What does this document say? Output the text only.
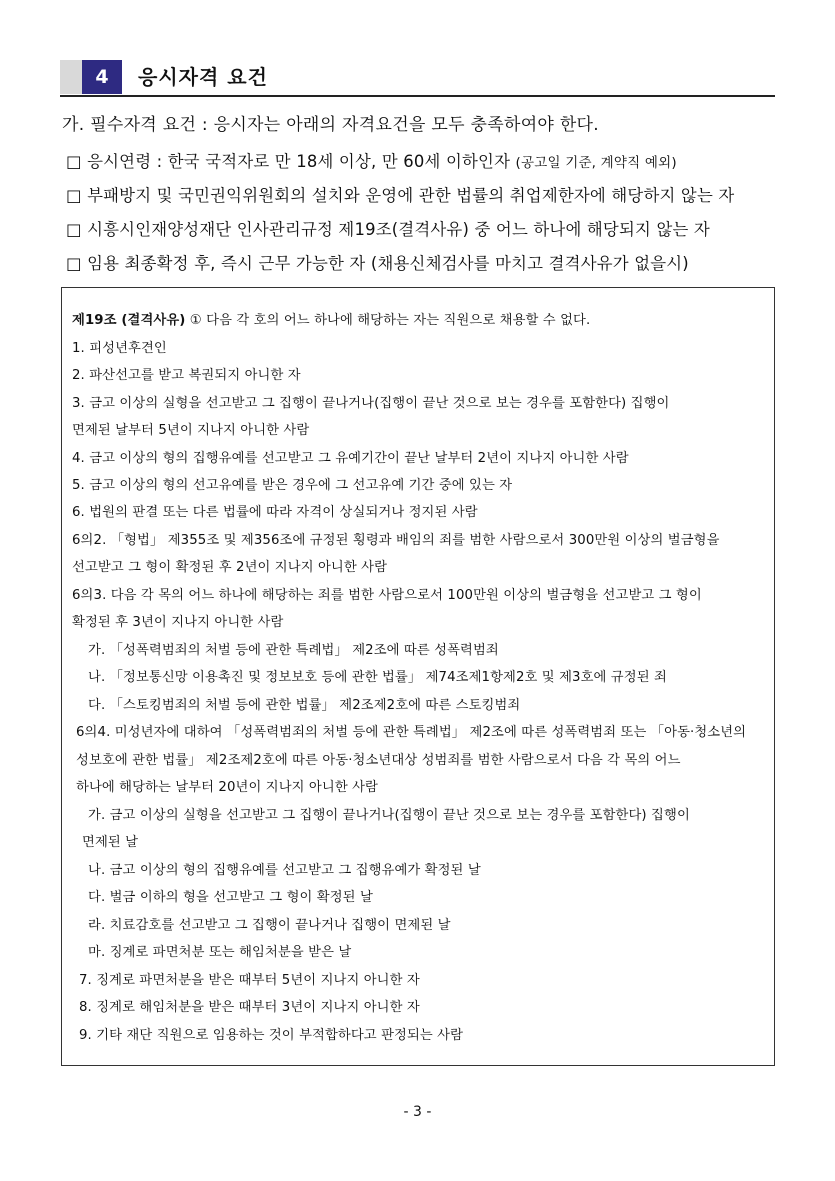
4	응시자격 요건
가. 필수자격 요건 : 응시자는 아래의 자격요건을 모두 충족하여야 한다.
□ 응시연령 : 한국 국적자로 만 18세 이상, 만 60세 이하인자 (공고일 기준, 계약직 예외)
□ 부패방지 및 국민권익위원회의 설치와 운영에 관한 법률의 취업제한자에 해당하지 않는 자
□ 시흥시인재양성재단 인사관리규정 제19조(결격사유) 중 어느 하나에 해당되지 않는 자
□ 임용 최종확정 후, 즉시 근무 가능한 자 (채용신체검사를 마치고 결격사유가 없을시)
제19조 (결격사유) ① 다음 각 호의 어느 하나에 해당하는 자는 직원으로 채용할 수 없다.
1. 피성년후견인
2. 파산선고를 받고 복권되지 아니한 자
3. 금고 이상의 실형을 선고받고 그 집행이 끝나거나(집행이 끝난 것으로 보는 경우를 포함한다) 집행이
면제된 날부터 5년이 지나지 아니한 사람
4. 금고 이상의 형의 집행유예를 선고받고 그 유예기간이 끝난 날부터 2년이 지나지 아니한 사람
5. 금고 이상의 형의 선고유예를 받은 경우에 그 선고유예 기간 중에 있는 자
6. 법원의 판결 또는 다른 법률에 따라 자격이 상실되거나 정지된 사람
6의2. 「형법」 제355조 및 제356조에 규정된 횡령과 배임의 죄를 범한 사람으로서 300만원 이상의 벌금형을
선고받고 그 형이 확정된 후 2년이 지나지 아니한 사람
6의3. 다음 각 목의 어느 하나에 해당하는 죄를 범한 사람으로서 100만원 이상의 벌금형을 선고받고 그 형이
확정된 후 3년이 지나지 아니한 사람
가. 「성폭력범죄의 처벌 등에 관한 특례법」 제2조에 따른 성폭력범죄
나. 「정보통신망 이용촉진 및 정보보호 등에 관한 법률」 제74조제1항제2호 및 제3호에 규정된 죄
다. 「스토킹범죄의 처벌 등에 관한 법률」 제2조제2호에 따른 스토킹범죄
6의4. 미성년자에 대하여 「성폭력범죄의 처벌 등에 관한 특례법」 제2조에 따른 성폭력범죄 또는 「아동·청소년의
성보호에 관한 법률」 제2조제2호에 따른 아동·청소년대상 성범죄를 범한 사람으로서 다음 각 목의 어느
하나에 해당하는 날부터 20년이 지나지 아니한 사람
가. 금고 이상의 실형을 선고받고 그 집행이 끝나거나(집행이 끝난 것으로 보는 경우를 포함한다) 집행이
면제된 날
나. 금고 이상의 형의 집행유예를 선고받고 그 집행유예가 확정된 날
다. 벌금 이하의 형을 선고받고 그 형이 확정된 날
라. 치료감호를 선고받고 그 집행이 끝나거나 집행이 면제된 날
마. 징계로 파면처분 또는 해임처분을 받은 날
7. 징계로 파면처분을 받은 때부터 5년이 지나지 아니한 자
8. 징계로 해임처분을 받은 때부터 3년이 지나지 아니한 자
9. 기타 재단 직원으로 임용하는 것이 부적합하다고 판정되는 사람
- 3 -
